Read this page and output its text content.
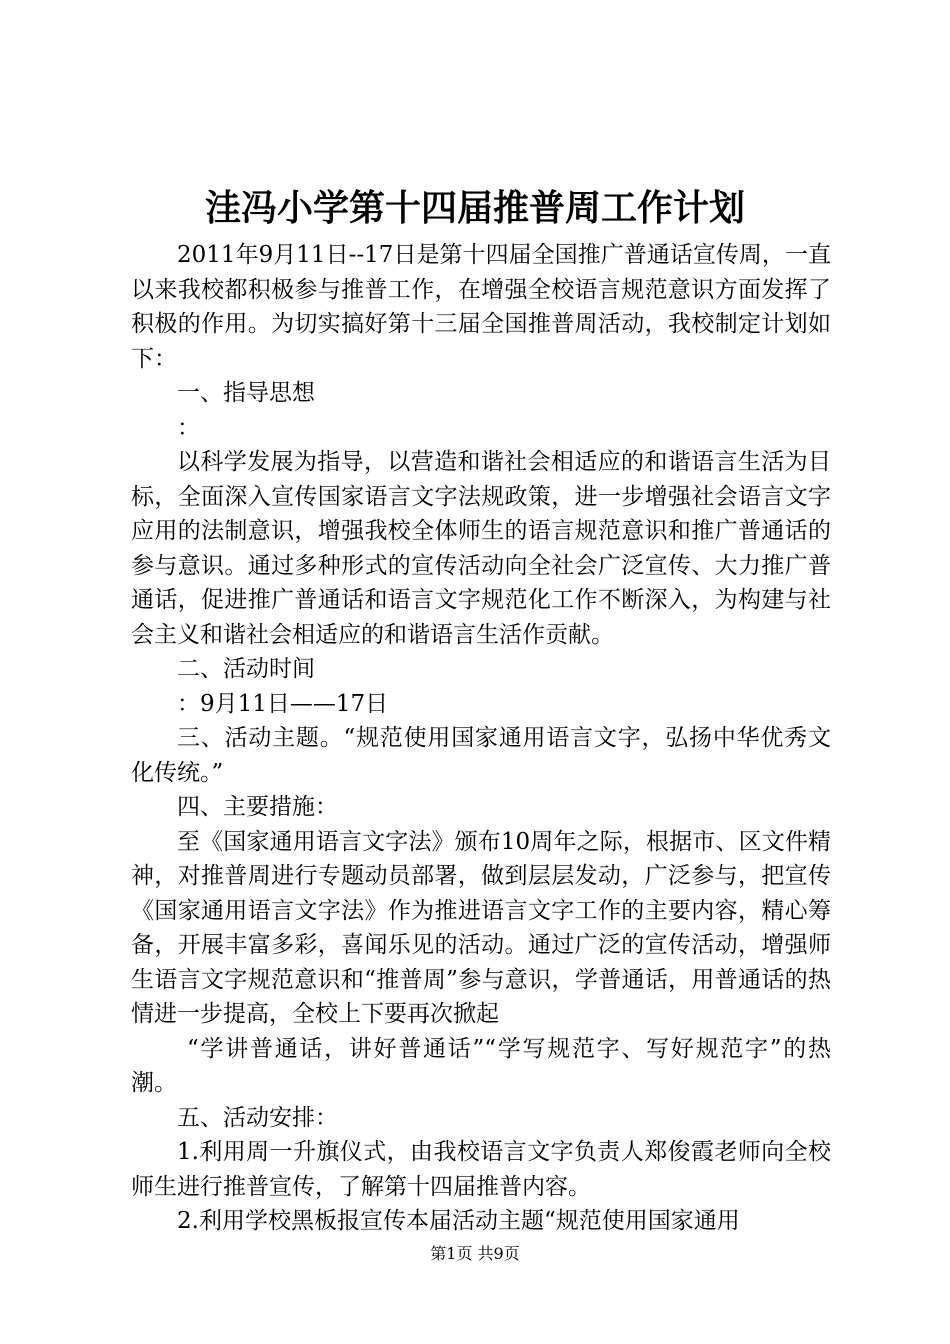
洼冯小学第十四届推普周工作计划

2011年9月11日--17日是第十四届全国推广普通话宣传周，一直以来我校都积极参与推普工作，在增强全校语言规范意识方面发挥了积极的作用。为切实搞好第十三届全国推普周活动，我校制定计划如下：

一、指导思想

：

以科学发展为指导，以营造和谐社会相适应的和谐语言生活为目标，全面深入宣传国家语言文字法规政策，进一步增强社会语言文字应用的法制意识，增强我校全体师生的语言规范意识和推广普通话的参与意识。通过多种形式的宣传活动向全社会广泛宣传、大力推广普通话，促进推广普通话和语言文字规范化工作不断深入，为构建与社会主义和谐社会相适应的和谐语言生活作贡献。

二、活动时间

：9月11日——17日

三、活动主题。“规范使用国家通用语言文字，弘扬中华优秀文化传统。”

四、主要措施：

至《国家通用语言文字法》颁布10周年之际，根据市、区文件精神，对推普周进行专题动员部署，做到层层发动，广泛参与，把宣传《国家通用语言文字法》作为推进语言文字工作的主要内容，精心筹备，开展丰富多彩，喜闻乐见的活动。通过广泛的宣传活动，增强师生语言文字规范意识和“推普周”参与意识，学普通话，用普通话的热情进一步提高，全校上下要再次掀起

“学讲普通话，讲好普通话”“学写规范字、写好规范字”的热潮。

五、活动安排：

1.利用周一升旗仪式，由我校语言文字负责人郑俊霞老师向全校师生进行推普宣传，了解第十四届推普内容。

2.利用学校黑板报宣传本届活动主题“规范使用国家通用

第1页 共9页
